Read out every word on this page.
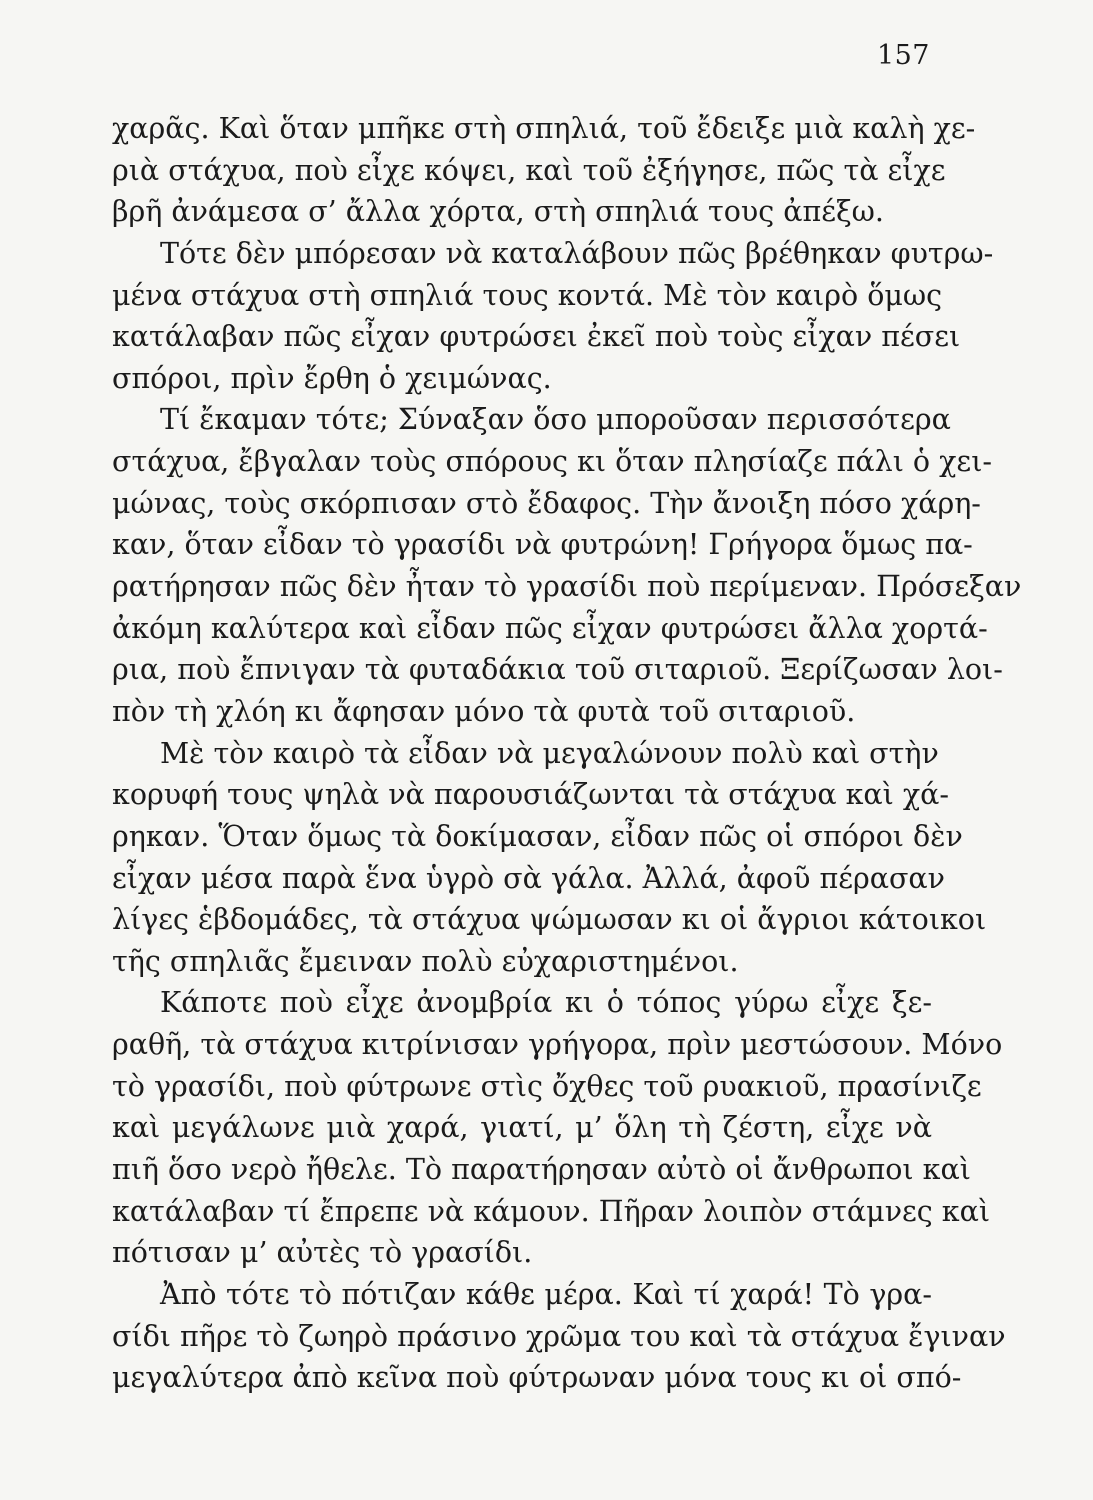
157
χαρᾶς. Καὶ ὅταν μπῆκε στὴ σπηλιά, τοῦ ἔδειξε μιὰ καλὴ χε-
ριὰ στάχυα, ποὺ εἶχε κόψει, καὶ τοῦ ἐξήγησε, πῶς τὰ εἶχε
βρῆ ἀνάμεσα σ’ ἄλλα χόρτα, στὴ σπηλιά τους ἀπέξω.
Τότε δὲν μπόρεσαν νὰ καταλάβουν πῶς βρέθηκαν φυτρω-
μένα στάχυα στὴ σπηλιά τους κοντά. Μὲ τὸν καιρὸ ὅμως
κατάλαβαν πῶς εἶχαν φυτρώσει ἐκεῖ ποὺ τοὺς εἶχαν πέσει
σπόροι, πρὶν ἔρθη ὁ χειμώνας.
Τί ἔκαμαν τότε; Σύναξαν ὅσο μποροῦσαν περισσότερα
στάχυα, ἔβγαλαν τοὺς σπόρους κι ὅταν πλησίαζε πάλι ὁ χει-
μώνας, τοὺς σκόρπισαν στὸ ἔδαφος. Τὴν ἄνοιξη πόσο χάρη-
καν, ὅταν εἶδαν τὸ γρασίδι νὰ φυτρώνη! Γρήγορα ὅμως πα-
ρατήρησαν πῶς δὲν ἦταν τὸ γρασίδι ποὺ περίμεναν. Πρόσεξαν
ἀκόμη καλύτερα καὶ εἶδαν πῶς εἶχαν φυτρώσει ἄλλα χορτά-
ρια, ποὺ ἔπνιγαν τὰ φυταδάκια τοῦ σιταριοῦ. Ξερίζωσαν λοι-
πὸν τὴ χλόη κι ἄφησαν μόνο τὰ φυτὰ τοῦ σιταριοῦ.
Μὲ τὸν καιρὸ τὰ εἶδαν νὰ μεγαλώνουν πολὺ καὶ στὴν
κορυφή τους ψηλὰ νὰ παρουσιάζωνται τὰ στάχυα καὶ χά-
ρηκαν. Ὅταν ὅμως τὰ δοκίμασαν, εἶδαν πῶς οἱ σπόροι δὲν
εἶχαν μέσα παρὰ ἕνα ὑγρὸ σὰ γάλα. Ἀλλά, ἀφοῦ πέρασαν
λίγες ἑβδομάδες, τὰ στάχυα ψώμωσαν κι οἱ ἄγριοι κάτοικοι
τῆς σπηλιᾶς ἔμειναν πολὺ εὐχαριστημένοι.
Κάποτε ποὺ εἶχε ἀνομβρία κι ὁ τόπος γύρω εἶχε ξε-
ραθῆ, τὰ στάχυα κιτρίνισαν γρήγορα, πρὶν μεστώσουν. Μόνο
τὸ γρασίδι, ποὺ φύτρωνε στὶς ὄχθες τοῦ ρυακιοῦ, πρασίνιζε
καὶ μεγάλωνε μιὰ χαρά, γιατί, μ’ ὅλη τὴ ζέστη, εἶχε νὰ
πιῆ ὅσο νερὸ ἤθελε. Τὸ παρατήρησαν αὐτὸ οἱ ἄνθρωποι καὶ
κατάλαβαν τί ἔπρεπε νὰ κάμουν. Πῆραν λοιπὸν στάμνες καὶ
πότισαν μ’ αὐτὲς τὸ γρασίδι.
Ἀπὸ τότε τὸ πότιζαν κάθε μέρα. Καὶ τί χαρά! Τὸ γρα-
σίδι πῆρε τὸ ζωηρὸ πράσινο χρῶμα του καὶ τὰ στάχυα ἔγιναν
μεγαλύτερα ἀπὸ κεῖνα ποὺ φύτρωναν μόνα τους κι οἱ σπό-
